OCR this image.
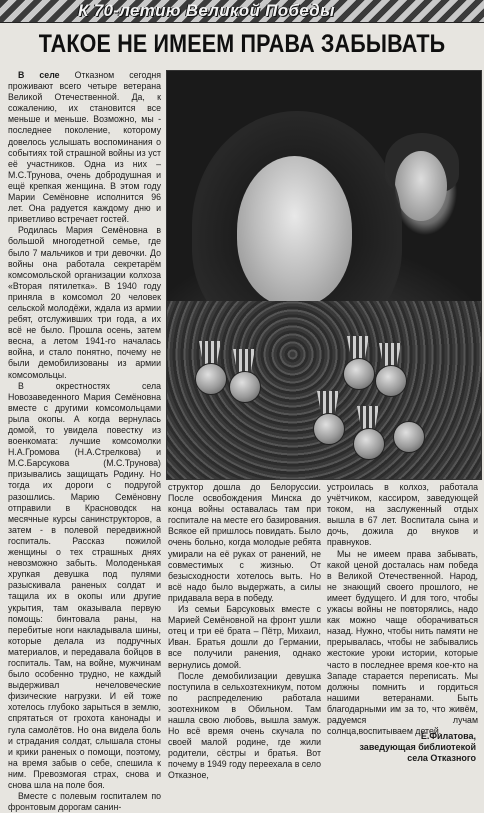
К 70-летию Великой Победы
ТАКОЕ НЕ ИМЕЕМ ПРАВА ЗАБЫВАТЬ

В селе Отказном сегодня проживают всего четыре ветерана Великой Отечественной. Да, к сожалению, их становится все меньше и меньше. Возможно, мы - последнее поколение, которому довелось услышать воспоминания о событиях той страшной войны из уст её участников. Одна из них – М.С.Трунова, очень добродушная и ещё крепкая женщина. В этом году Марии Семёновне исполнится 96 лет. Она радуется каждому дню и приветливо встречает гостей.

Родилась Мария Семёновна в большой многодетной семье, где было 7 мальчиков и три девочки. До войны она работала секретарём комсомольской организации колхоза «Вторая пятилетка». В 1940 году приняла в комсомол 20 человек сельской молодёжи, ждала из армии ребят, отслуживших три года, а их всё не было. Прошла осень, затем весна, а летом 1941-го началась война, и стало понятно, почему не были демобилизованы из армии комсомольцы.

В окрестностях села Новозаведенного Мария Семёновна вместе с другими комсомольцами рыла окопы. А когда вернулась домой, то увидела повестку из военкомата: лучшие комсомолки Н.А.Громова (Н.А.Стрелкова) и М.С.Барсукова (М.С.Трунова) призывались защищать Родину. Но тогда их дороги с подругой разошлись. Марию Семёновну отправили в Красноводск на месячные курсы санинструкторов, а затем - в полевой передвижной госпиталь. Рассказ пожилой женщины о тех страшных днях невозможно забыть. Молоденькая хрупкая девушка под пулями разыскивала раненых солдат и тащила их в окопы или другие укрытия, там оказывала первую помощь: бинтовала раны, на перебитые ноги накладывала шины, которые делала из подручных материалов, и передавала бойцов в госпиталь. Там, на войне, мужчинам было особенно трудно, не каждый выдерживал нечеловеческие физические нагрузки. И ей тоже хотелось глубоко зарыться в землю, спрятаться от грохота канонады и гула самолётов. Но она видела боль и страдания солдат, слышала стоны и крики раненых о помощи, поэтому, на время забыв о себе, спешила к ним. Превозмогая страх, снова и снова шла на поле боя.

Вместе с полевым госпиталем по фронтовым дорогам санин-

структор дошла до Белоруссии. После освобождения Минска до конца войны оставалась там при госпитале на месте его базирования. Всякое ей пришлось повидать. Было очень больно, когда молодые ребята умирали на её руках от ранений, не совместимых с жизнью. От безысходности хотелось выть. Но всё надо было выдержать, а силы придавала вера в победу.

Из семьи Барсуковых вместе с Марией Семёновной на фронт ушли отец и три её брата – Пётр, Михаил, Иван. Братья дошли до Германии, все получили ранения, однако вернулись домой.

После демобилизации девушка поступила в сельхозтехникум, потом по распределению работала зоотехником в Обильном. Там нашла свою любовь, вышла замуж. Но всё время очень скучала по своей малой родине, где жили родители, сёстры и братья. Вот почему в 1949 году переехала в село Отказное,

устроилась в колхоз, работала учётчиком, кассиром, заведующей током, на заслуженный отдых вышла в 67 лет. Воспитала сына и дочь, дожила до внуков и правнуков.

Мы не имеем права забывать, какой ценой досталась нам победа в Великой Отечественной. Народ, не знающий своего прошлого, не имеет будущего. И для того, чтобы ужасы войны не повторялись, надо как можно чаще оборачиваться назад. Нужно, чтобы нить памяти не прерывалась, чтобы не забывались жестокие уроки истории, которые часто в последнее время кое-кто на Западе старается переписать. Мы должны помнить и гордиться нашими ветеранами. Быть благодарными им за то, что живём, радуемся лучам солнца,воспитываем детей.

Е.Филатова,
заведующая библиотекой
села Отказного
